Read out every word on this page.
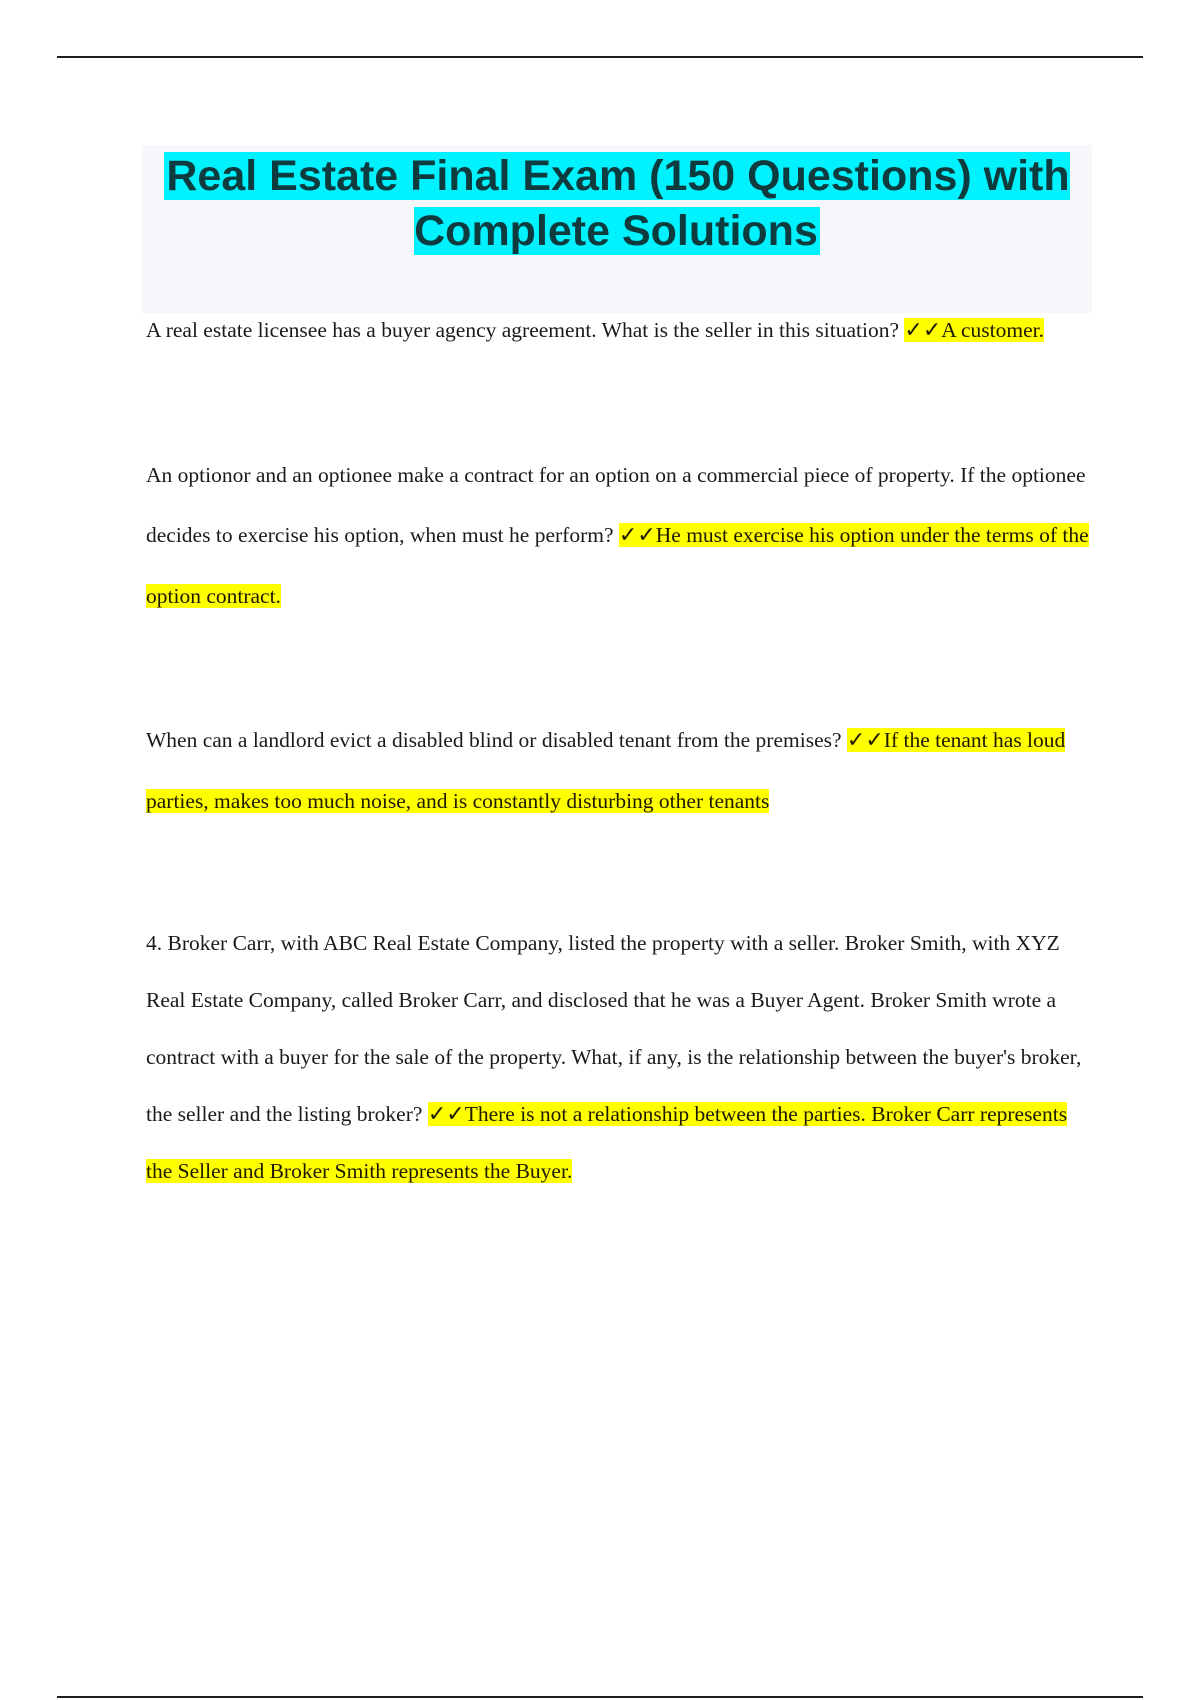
Real Estate Final Exam (150 Questions) with Complete Solutions

A real estate licensee has a buyer agency agreement. What is the seller in this situation? ✓✓A customer.

An optionor and an optionee make a contract for an option on a commercial piece of property. If the optionee decides to exercise his option, when must he perform? ✓✓He must exercise his option under the terms of the option contract.

When can a landlord evict a disabled blind or disabled tenant from the premises? ✓✓If the tenant has loud parties, makes too much noise, and is constantly disturbing other tenants

4. Broker Carr, with ABC Real Estate Company, listed the property with a seller. Broker Smith, with XYZ Real Estate Company, called Broker Carr, and disclosed that he was a Buyer Agent. Broker Smith wrote a contract with a buyer for the sale of the property. What, if any, is the relationship between the buyer's broker, the seller and the listing broker? ✓✓There is not a relationship between the parties. Broker Carr represents the Seller and Broker Smith represents the Buyer.
